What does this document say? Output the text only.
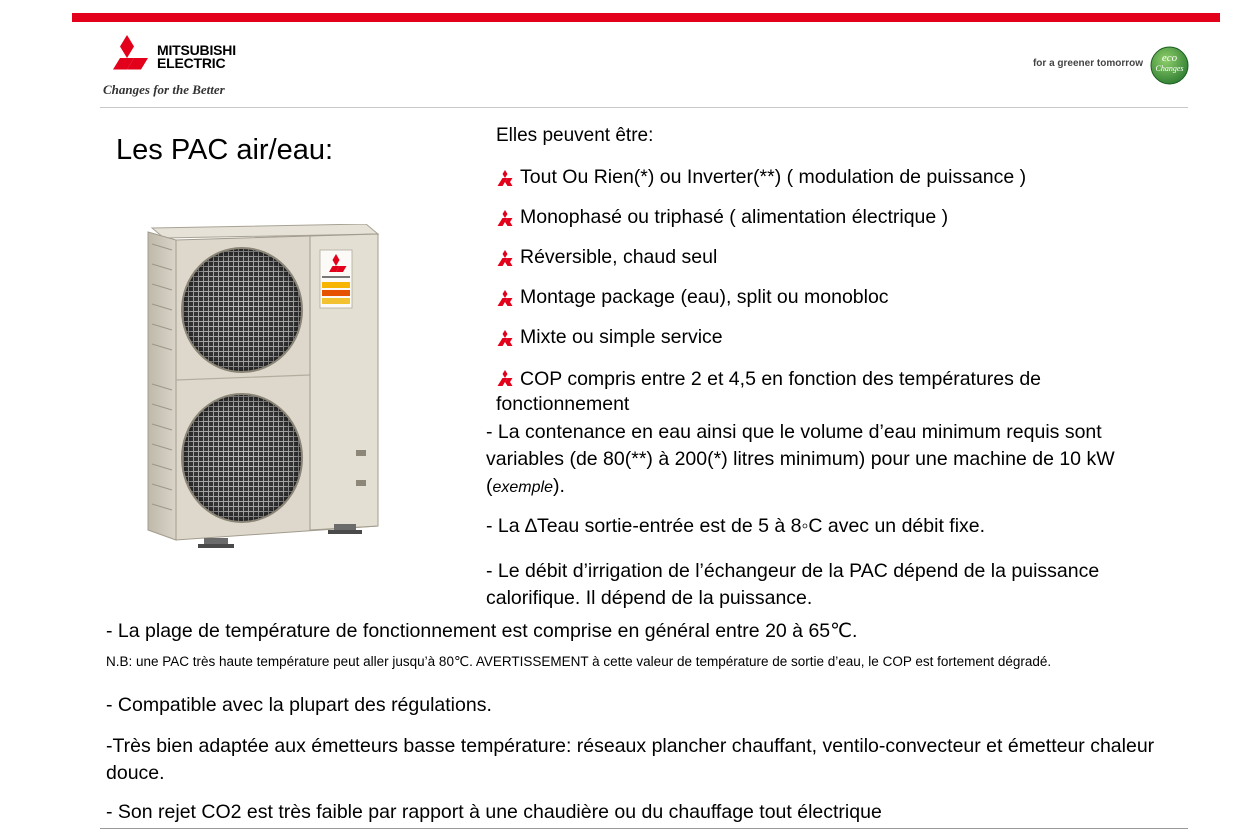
MITSUBISHI
ELECTRIC
Changes for the Better
for a greener tomorrow	eco
Changes
Les PAC air/eau:	Elles peuvent être:
Tout Ou Rien(*) ou Inverter(**) ( modulation de puissance )
Monophasé ou triphasé ( alimentation électrique )
Réversible, chaud seul
Montage package (eau), split ou monobloc
Mixte ou simple service
COP compris entre 2 et 4,5 en fonction des températures de fonctionnement
- La contenance en eau ainsi que le volume d’eau minimum requis sont variables (de 80(**) à 200(*) litres minimum) pour une machine de 10 kW (exemple).
- La ∆Teau sortie-entrée est de 5 à 8◦C avec un débit fixe.
- Le débit d’irrigation de l’échangeur de la PAC dépend de la puissance calorifique. Il dépend de la puissance.
- La plage de température de fonctionnement est comprise en général entre 20 à 65℃.
N.B: une PAC très haute température peut aller jusqu’à 80℃. AVERTISSEMENT à cette valeur de température de sortie d’eau, le COP est fortement dégradé.
- Compatible avec la plupart des régulations.
-Très bien adaptée aux émetteurs basse température: réseaux plancher chauffant, ventilo-convecteur et émetteur chaleur douce.
- Son rejet CO2 est très faible par rapport à une chaudière ou du chauffage tout électrique
